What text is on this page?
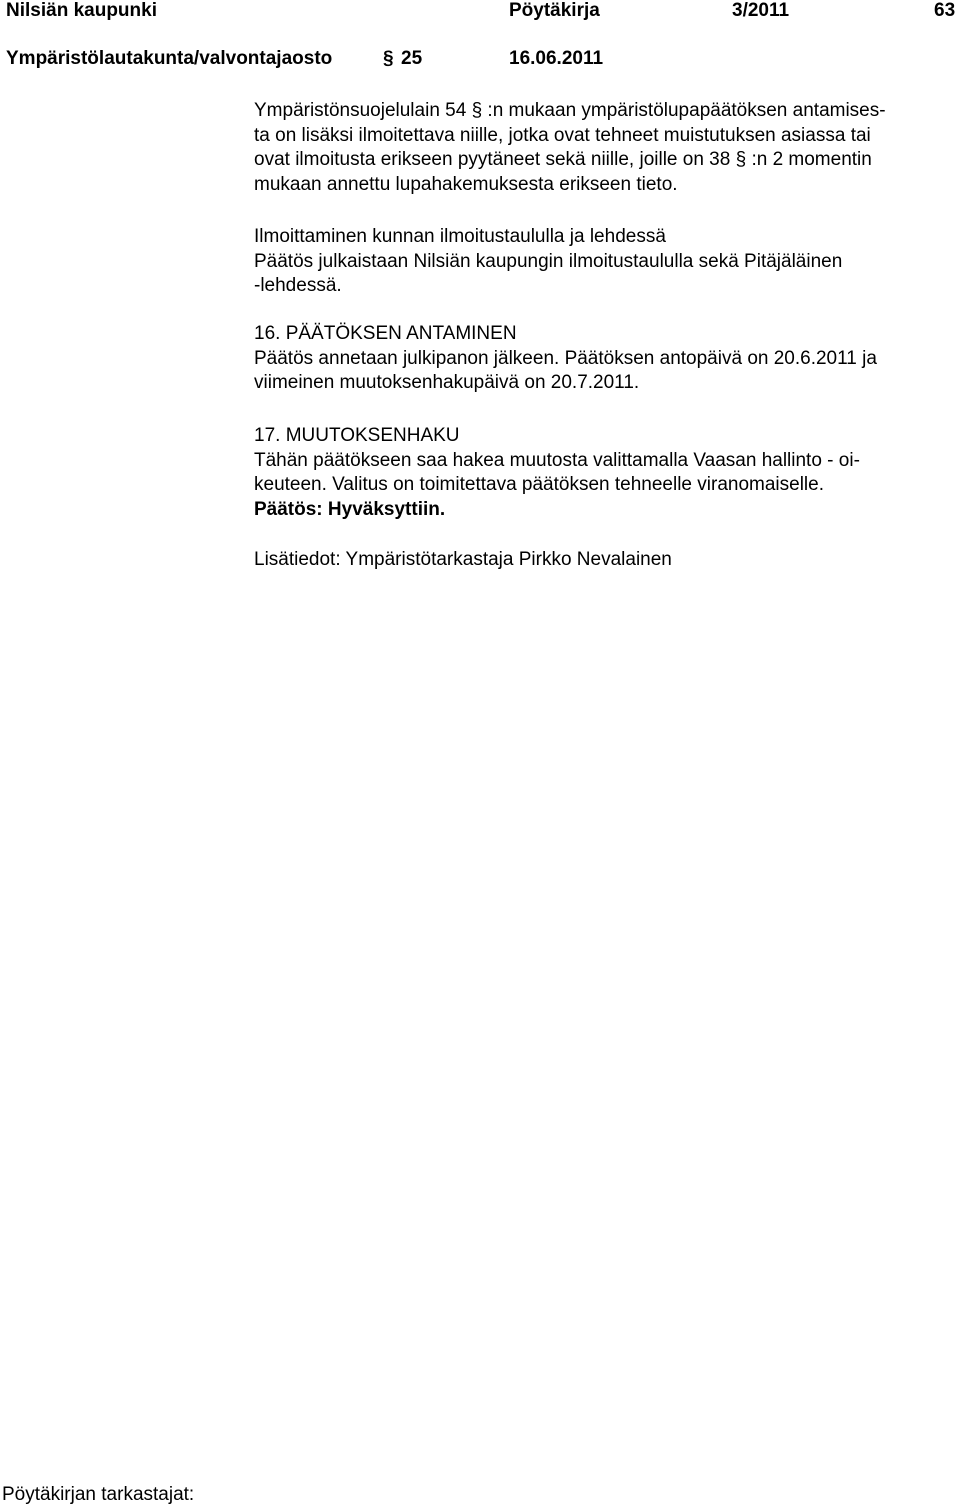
Nilsiän kaupunki	Pöytäkirja	3/2011	63
Ympäristölautakunta/valvontajaosto	§ 25	16.06.2011
Ympäristönsuojelulain 54 § :n mukaan ympäristölupapäätöksen antamises-
ta on lisäksi ilmoitettava niille, jotka ovat tehneet muistutuksen asiassa tai
ovat ilmoitusta erikseen pyytäneet sekä niille, joille on 38 § :n 2 momentin
mukaan annettu lupahakemuksesta erikseen tieto.
Ilmoittaminen kunnan ilmoitustaululla ja lehdessä
Päätös julkaistaan Nilsiän kaupungin ilmoitustaululla sekä Pitäjäläinen
-lehdessä.
16. PÄÄTÖKSEN ANTAMINEN
Päätös annetaan julkipanon jälkeen. Päätöksen antopäivä on 20.6.2011 ja
viimeinen muutoksenhakupäivä on 20.7.2011.
17. MUUTOKSENHAKU
Tähän päätökseen saa hakea muutosta valittamalla Vaasan hallinto - oi-
keuteen. Valitus on toimitettava päätöksen tehneelle viranomaiselle.
Päätös: Hyväksyttiin.
Lisätiedot: Ympäristötarkastaja Pirkko Nevalainen
Pöytäkirjan tarkastajat:
